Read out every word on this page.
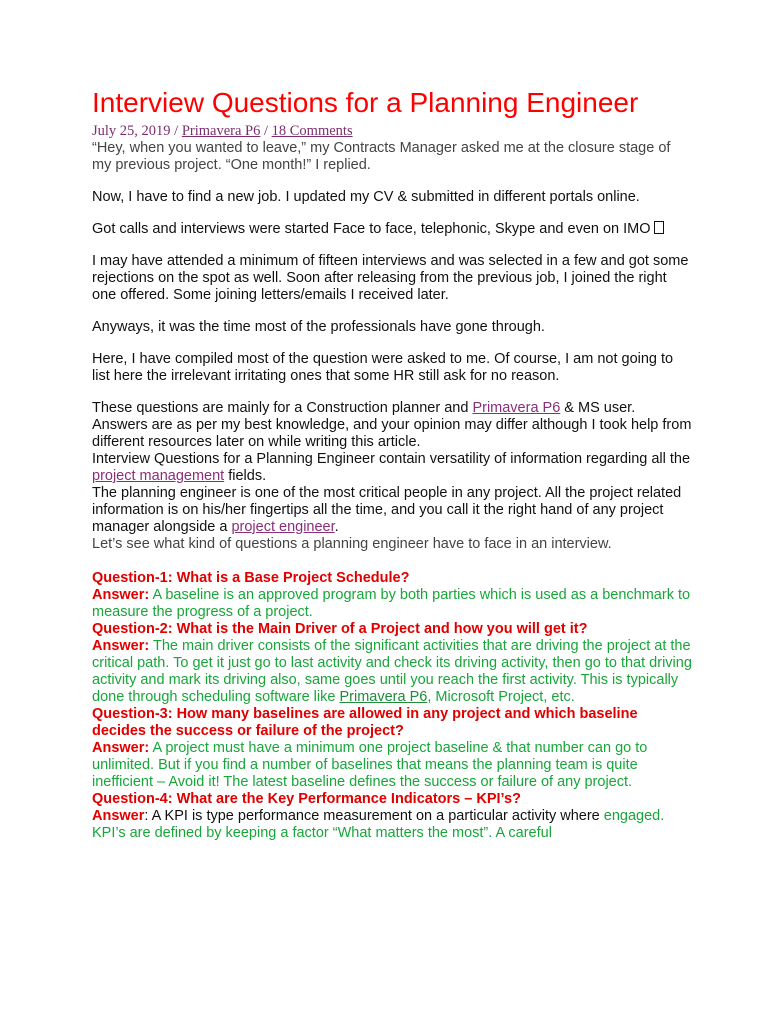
Interview Questions for a Planning Engineer
July 25, 2019 / Primavera P6 / 18 Comments

“Hey, when you wanted to leave,” my Contracts Manager asked me at the closure stage of my previous project. “One month!” I replied.

Now, I have to find a new job. I updated my CV & submitted in different portals online.

Got calls and interviews were started Face to face, telephonic, Skype and even on IMO

I may have attended a minimum of fifteen interviews and was selected in a few and got some rejections on the spot as well. Soon after releasing from the previous job, I joined the right one offered. Some joining letters/emails I received later.

Anyways, it was the time most of the professionals have gone through.

Here, I have compiled most of the question were asked to me. Of course, I am not going to list here the irrelevant irritating ones that some HR still ask for no reason.

These questions are mainly for a Construction planner and Primavera P6 & MS user. Answers are as per my best knowledge, and your opinion may differ although I took help from different resources later on while writing this article.

Interview Questions for a Planning Engineer contain versatility of information regarding all the project management fields.

The planning engineer is one of the most critical people in any project. All the project related information is on his/her fingertips all the time, and you call it the right hand of any project manager alongside a project engineer.

Let’s see what kind of questions a planning engineer have to face in an interview.

Question-1: What is a Base Project Schedule?

Answer: A baseline is an approved program by both parties which is used as a benchmark to measure the progress of a project.

Question-2: What is the Main Driver of a Project and how you will get it?

Answer: The main driver consists of the significant activities that are driving the project at the critical path. To get it just go to last activity and check its driving activity, then go to that driving activity and mark its driving also, same goes until you reach the first activity. This is typically done through scheduling software like Primavera P6, Microsoft Project, etc.

Question-3: How many baselines are allowed in any project and which baseline decides the success or failure of the project?

Answer: A project must have a minimum one project baseline & that number can go to unlimited. But if you find a number of baselines that means the planning team is quite inefficient – Avoid it! The latest baseline defines the success or failure of any project.

Question-4: What are the Key Performance Indicators – KPI’s?

Answer: A KPI is type performance measurement on a particular activity where engaged. KPI’s are defined by keeping a factor “What matters the most”. A careful
